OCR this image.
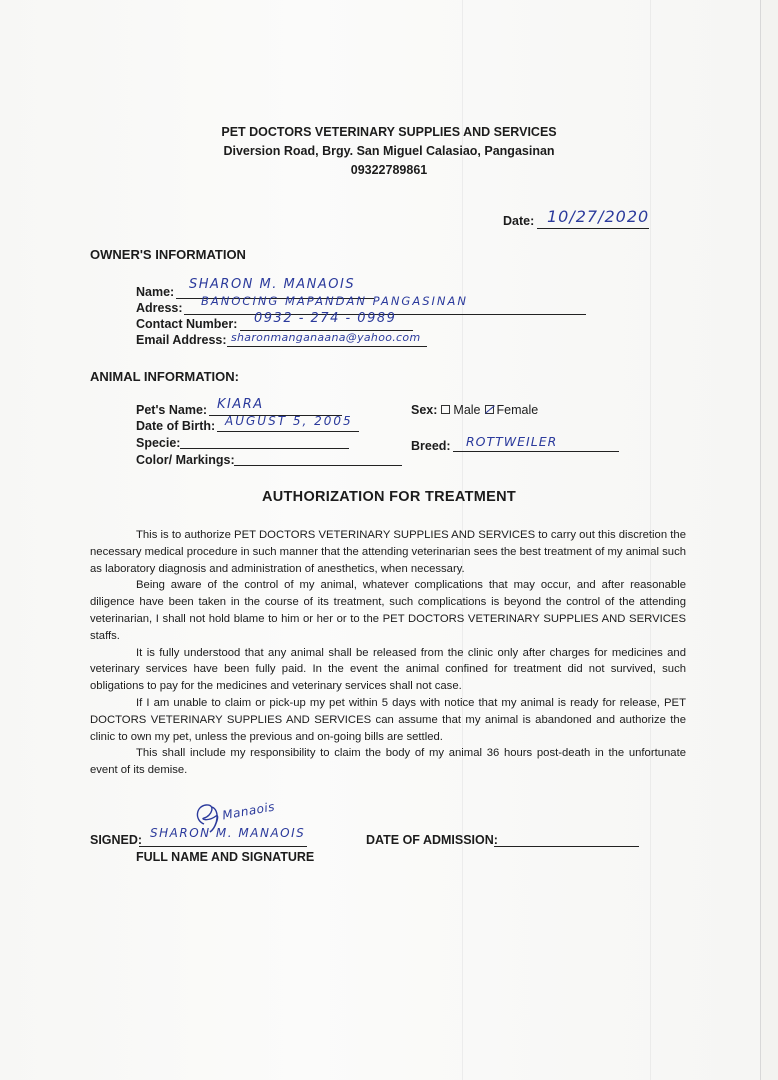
PET DOCTORS VETERINARY SUPPLIES AND SERVICES
Diversion Road, Brgy. San Miguel Calasiao, Pangasinan
09322789861
Date: 10/27/2020
OWNER'S INFORMATION
Name: SHARON M. MANAOIS
Adress: BANOCING MAPANDAN PANGASINAN
Contact Number: 0932 - 274 - 0989
Email Address: sharonmanganaana@yahoo.com
ANIMAL INFORMATION:
Pet's Name: KIARA
Date of Birth: AUGUST 5, 2005
Specie:
Color/ Markings:
Sex: Male Female
Breed: ROTTWEILER
AUTHORIZATION FOR TREATMENT

This is to authorize PET DOCTORS VETERINARY SUPPLIES AND SERVICES to carry out this discretion the necessary medical procedure in such manner that the attending veterinarian sees the best treatment of my animal such as laboratory diagnosis and administration of anesthetics, when necessary.

Being aware of the control of my animal, whatever complications that may occur, and after reasonable diligence have been taken in the course of its treatment, such complications is beyond the control of the attending veterinarian, I shall not hold blame to him or her or to the PET DOCTORS VETERINARY SUPPLIES AND SERVICES staffs.

It is fully understood that any animal shall be released from the clinic only after charges for medicines and veterinary services have been fully paid. In the event the animal confined for treatment did not survived, such obligations to pay for the medicines and veterinary services shall not case.

If I am unable to claim or pick-up my pet within 5 days with notice that my animal is ready for release, PET DOCTORS VETERINARY SUPPLIES AND SERVICES can assume that my animal is abandoned and authorize the clinic to own my pet, unless the previous and on-going bills are settled.

This shall include my responsibility to claim the body of my animal 36 hours post-death in the unfortunate event of its demise.

SIGNED: SHARON M. MANAOIS
Manaois
FULL NAME AND SIGNATURE
DATE OF ADMISSION:
